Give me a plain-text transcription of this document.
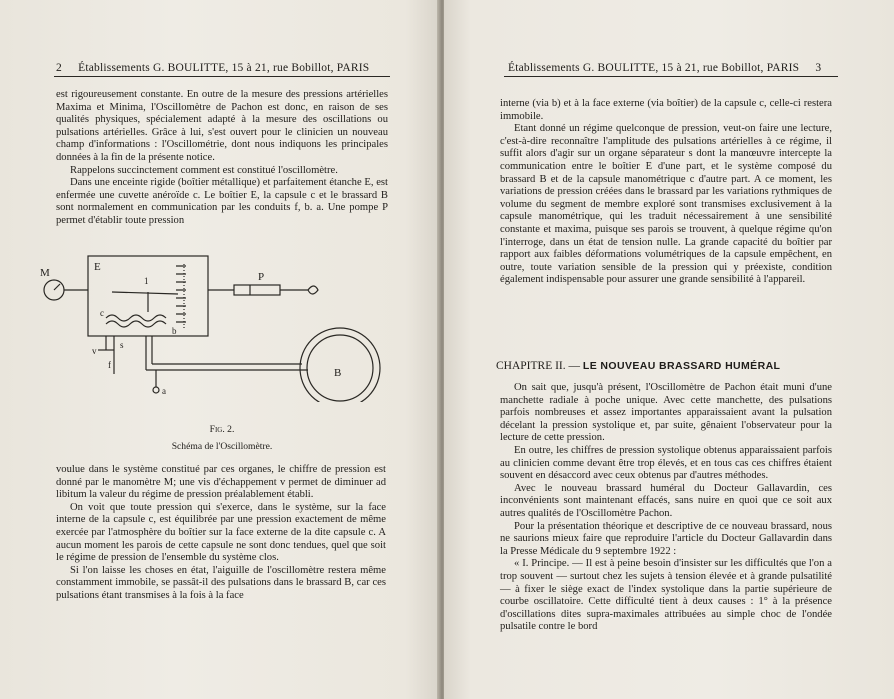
2 Établissements G. BOULITTE, 15 à 21, rue Bobillot, PARIS

est rigoureusement constante. En outre de la mesure des pressions artérielles Maxima et Minima, l'Oscillomètre de Pachon est donc, en raison de ses qualités physiques, spécialement adapté à la mesure des oscillations ou pulsations artérielles. Grâce à lui, s'est ouvert pour le clinicien un nouveau champ d'informations : l'Oscillométrie, dont nous indiquons les principales données à la fin de la présente notice.

Rappelons succinctement comment est constitué l'oscillomètre.

Dans une enceinte rigide (boîtier métallique) et parfaitement étanche E, est enfermée une cuvette anéroïde c. Le boîtier E, la capsule c et le brassard B sont normalement en communication par les conduits f, b. a. Une pompe P permet d'établir toute pression

M	E
1	P
c
b
B
a
v
s
f
Fig. 2.
Schéma de l'Oscillomètre.

voulue dans le système constitué par ces organes, le chiffre de pression est donné par le manomètre M; une vis d'échappement v permet de diminuer ad libitum la valeur du régime de pression préalablement établi.

On voit que toute pression qui s'exerce, dans le système, sur la face interne de la capsule c, est équilibrée par une pression exactement de même exercée par l'atmosphère du boîtier sur la face externe de la dite capsule c. A aucun moment les parois de cette capsule ne sont donc tendues, quel que soit le régime de pression de l'ensemble du système clos.

Si l'on laisse les choses en état, l'aiguille de l'oscillomètre restera même constamment immobile, se passât-il des pulsations dans le brassard B, car ces pulsations étant transmises à la fois à la face

Établissements G. BOULITTE, 15 à 21, rue Bobillot, PARIS 3

interne (via b) et à la face externe (via boîtier) de la capsule c, celle-ci restera immobile.

Etant donné un régime quelconque de pression, veut-on faire une lecture, c'est-à-dire reconnaître l'amplitude des pulsations artérielles à ce régime, il suffit alors d'agir sur un organe séparateur s dont la manœuvre intercepte la communication entre le boîtier E d'une part, et le système composé du brassard B et de la capsule manométrique c d'autre part. A ce moment, les variations de pression créées dans le brassard par les variations rythmiques de volume du segment de membre exploré sont transmises exclusivement à la capsule manométrique, qui les traduit nécessairement à une sensibilité constante et maxima, puisque ses parois se trouvent, à quelque régime qu'on l'interroge, dans un état de tension nulle. La grande capacité du boîtier par rapport aux faibles déformations volumétriques de la capsule empêchent, en outre, toute variation sensible de la pression qui y préexiste, condition également indispensable pour assurer une grande sensibilité à l'appareil.

CHAPITRE II. — LE NOUVEAU BRASSARD HUMÉRAL

On sait que, jusqu'à présent, l'Oscillomètre de Pachon était muni d'une manchette radiale à poche unique. Avec cette manchette, des pulsations parfois nombreuses et assez importantes apparaissaient avant la pulsation décelant la pression systolique et, par suite, gênaient l'observateur pour la lecture de cette pression.

En outre, les chiffres de pression systolique obtenus apparaissaient parfois au clinicien comme devant être trop élevés, et en tous cas ces chiffres étaient souvent en désaccord avec ceux obtenus par d'autres méthodes.

Avec le nouveau brassard huméral du Docteur Gallavardin, ces inconvénients sont maintenant effacés, sans nuire en quoi que ce soit aux autres qualités de l'Oscillomètre Pachon.

Pour la présentation théorique et descriptive de ce nouveau brassard, nous ne saurions mieux faire que reproduire l'article du Docteur Gallavardin dans la Presse Médicale du 9 septembre 1922 :

« I. Principe. — Il est à peine besoin d'insister sur les difficultés que l'on a trop souvent — surtout chez les sujets à tension élevée et à grande pulsatilité — à fixer le siège exact de l'index systolique dans la partie supérieure de courbe oscillatoire. Cette difficulté tient à deux causes : 1° à la présence d'oscillations dites supra-maximales attribuées au simple choc de l'ondée pulsatile contre le bord
